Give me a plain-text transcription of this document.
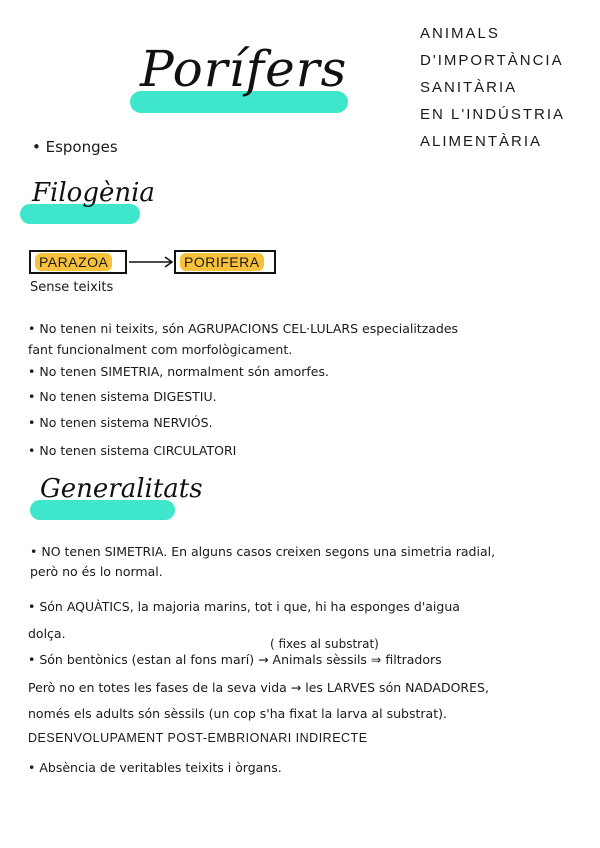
Porífers
ANIMALS
D'IMPORTÀNCIA
SANITÀRIA
EN L'INDÚSTRIA
ALIMENTÀRIA
• Esponges
Filogènia
PARAZOA	PORIFERA
Sense teixits
• No tenen ni teixits, són AGRUPACIONS CEL·LULARS especialitzades
fant funcionalment com morfològicament.
• No tenen SIMETRIA, normalment són amorfes.
• No tenen sistema DIGESTIU.
• No tenen sistema NERVIÓS.
• No tenen sistema CIRCULATORI
Generalitats
• NO tenen SIMETRIA. En alguns casos creixen segons una simetria radial,
però no és lo normal.
• Són AQUÀTICS, la majoria marins, tot i que, hi ha esponges d'aigua
dolça.
( fixes al substrat)
• Són bentònics (estan al fons marí) → Animals sèssils ⇒ filtradors
Però no en totes les fases de la seva vida → les LARVES són NADADORES,
només els adults són sèssils (un cop s'ha fixat la larva al substrat).
DESENVOLUPAMENT POST-EMBRIONARI INDIRECTE
• Absència de veritables teixits i òrgans.
